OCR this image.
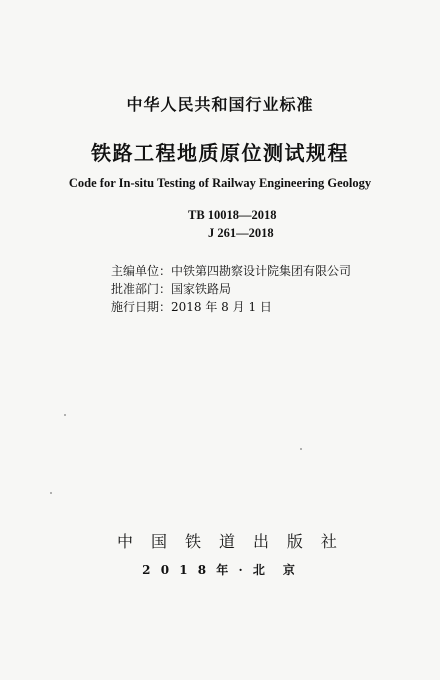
中华人民共和国行业标准
铁路工程地质原位测试规程
Code for In-situ Testing of Railway Engineering Geology
TB 10018—2018
J 261—2018
主编单位：中铁第四勘察设计院集团有限公司
批准部门：国家铁路局
施行日期：2018 年 8 月 1 日
中 国 铁 道 出 版 社
2 0 1 8 年 · 北　京
